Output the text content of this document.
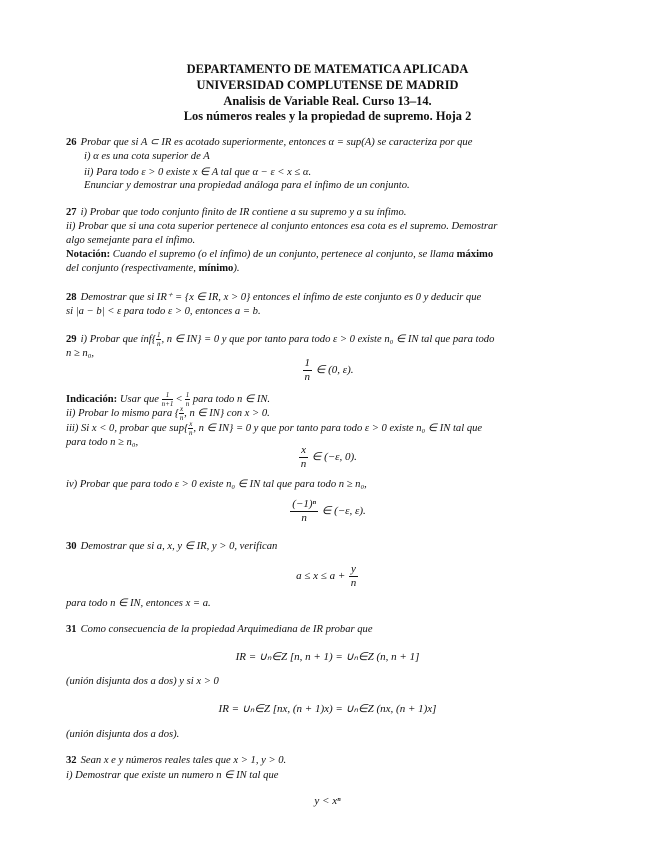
DEPARTAMENTO DE MATEMATICA APLICADA
UNIVERSIDAD COMPLUTENSE DE MADRID
Analisis de Variable Real. Curso 13–14.
Los números reales y la propiedad de supremo. Hoja 2
26 Probar que si A ⊂ IR es acotado superiormente, entonces α = sup(A) se caracteriza por que
i) α es una cota superior de A
ii) Para todo ε > 0 existe x ∈ A tal que α − ε < x ≤ α.
Enunciar y demostrar una propiedad análoga para el ínfimo de un conjunto.
27 i) Probar que todo conjunto finito de IR contiene a su supremo y a su ínfimo.
ii) Probar que si una cota superior pertenece al conjunto entonces esa cota es el supremo. Demostrar
algo semejante para el ínfimo.
Notación: Cuando el supremo (o el ínfimo) de un conjunto, pertenece al conjunto, se llama máximo
del conjunto (respectivamente, mínimo).
28 Demostrar que si IR⁺ = {x ∈ IR, x > 0} entonces el ínfimo de este conjunto es 0 y deducir que
si |a − b| < ε para todo ε > 0, entonces a = b.
29 i) Probar que ínf{ $\frac{1}{n}$ , n ∈ IN} = 0 y que por tanto para todo ε > 0 existe n₀ ∈ IN tal que para todo
n ≥ n₀,
$\frac{1}{n}$ ∈ (0, ε).
Indicación: Usar que $\frac{1}{n+1} < \frac{1}{n}$ para todo n ∈ IN.
ii) Probar lo mismo para { $\frac{x}{n}$ , n ∈ IN} con x > 0.
iii) Si x < 0, probar que $sup\{ \frac{x}{n}$ , n ∈ IN} = 0 y que por tanto para todo ε > 0 existe n₀ ∈ IN tal que
para todo n ≥ n₀,
$\frac{x}{n}$ ∈ (−ε, 0).
iv) Probar que para todo ε > 0 existe n₀ ∈ IN tal que para todo n ≥ n₀,
$\frac{\text{(−1)ⁿ}}{n}$ ∈ (−ε, ε).
30 Demostrar que si a, x, y ∈ IR, y > 0, verifican
$a \le x \le a + \frac{y}{n}$
para todo n ∈ IN, entonces x = a.
31 Como consecuencia de la propiedad Arquimediana de IR probar que
IR = ∪ₙ∈Z [n, n + 1) = ∪ₙ∈Z (n, n + 1]
(unión disjunta dos a dos) y si x > 0
IR = ∪ₙ∈Z [nx, (n + 1)x) = ∪ₙ∈Z (nx, (n + 1)x]
(unión disjunta dos a dos).
32 Sean x e y números reales tales que x > 1, y > 0.
i) Demostrar que existe un numero n ∈ IN tal que
y < xⁿ
